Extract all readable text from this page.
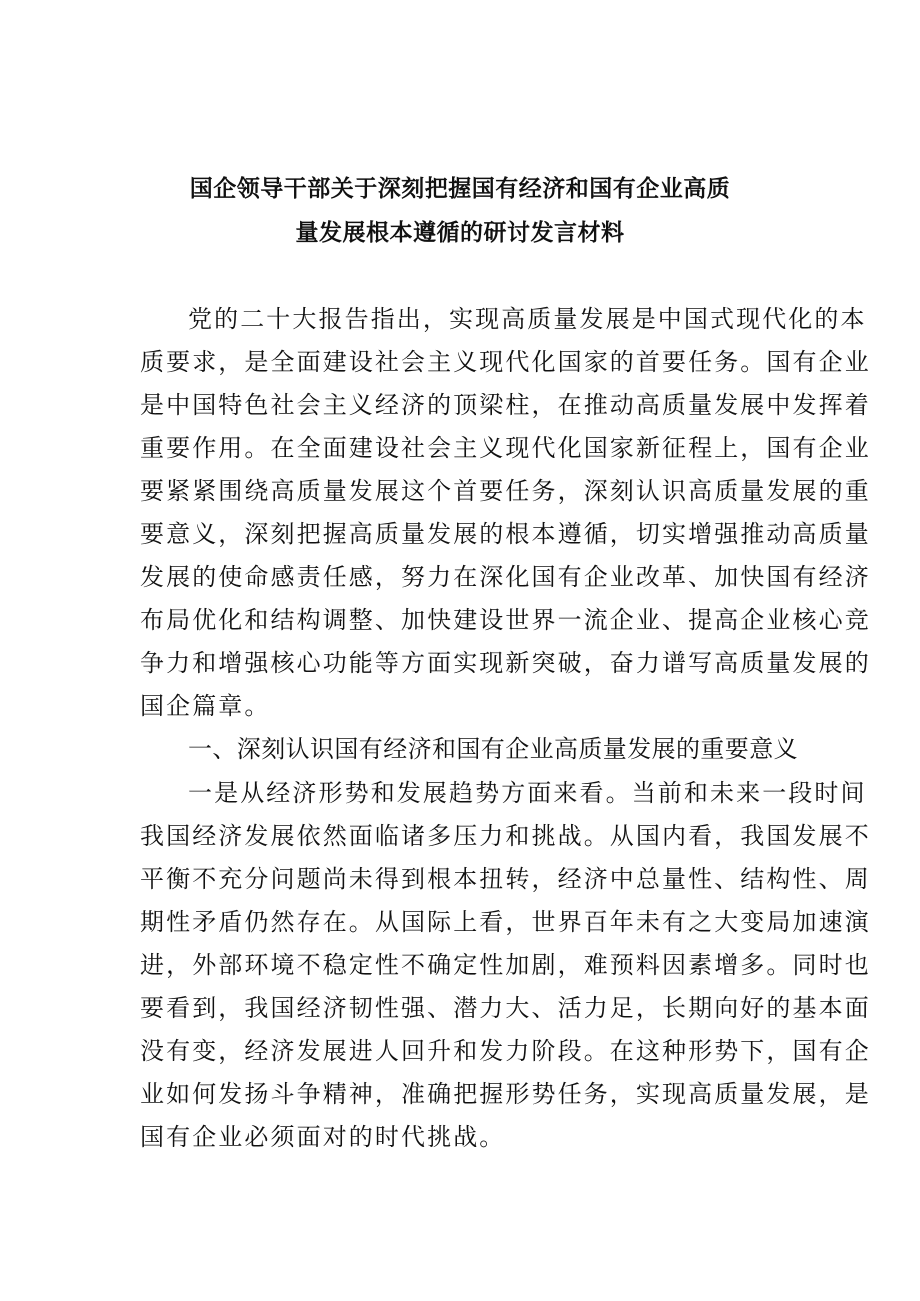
国企领导干部关于深刻把握国有经济和国有企业高质
量发展根本遵循的研讨发言材料
党的二十大报告指出，实现高质量发展是中国式现代化的本
质要求，是全面建设社会主义现代化国家的首要任务。国有企业
是中国特色社会主义经济的顶梁柱，在推动高质量发展中发挥着
重要作用。在全面建设社会主义现代化国家新征程上，国有企业
要紧紧围绕高质量发展这个首要任务，深刻认识高质量发展的重
要意义，深刻把握高质量发展的根本遵循，切实增强推动高质量
发展的使命感责任感，努力在深化国有企业改革、加快国有经济
布局优化和结构调整、加快建设世界一流企业、提高企业核心竞
争力和增强核心功能等方面实现新突破，奋力谱写高质量发展的
国企篇章。
一、深刻认识国有经济和国有企业高质量发展的重要意义
一是从经济形势和发展趋势方面来看。当前和未来一段时间
我国经济发展依然面临诸多压力和挑战。从国内看，我国发展不
平衡不充分问题尚未得到根本扭转，经济中总量性、结构性、周
期性矛盾仍然存在。从国际上看，世界百年未有之大变局加速演
进，外部环境不稳定性不确定性加剧，难预料因素增多。同时也
要看到，我国经济韧性强、潜力大、活力足，长期向好的基本面
没有变，经济发展进人回升和发力阶段。在这种形势下，国有企
业如何发扬斗争精神，准确把握形势任务，实现高质量发展，是
国有企业必须面对的时代挑战。
